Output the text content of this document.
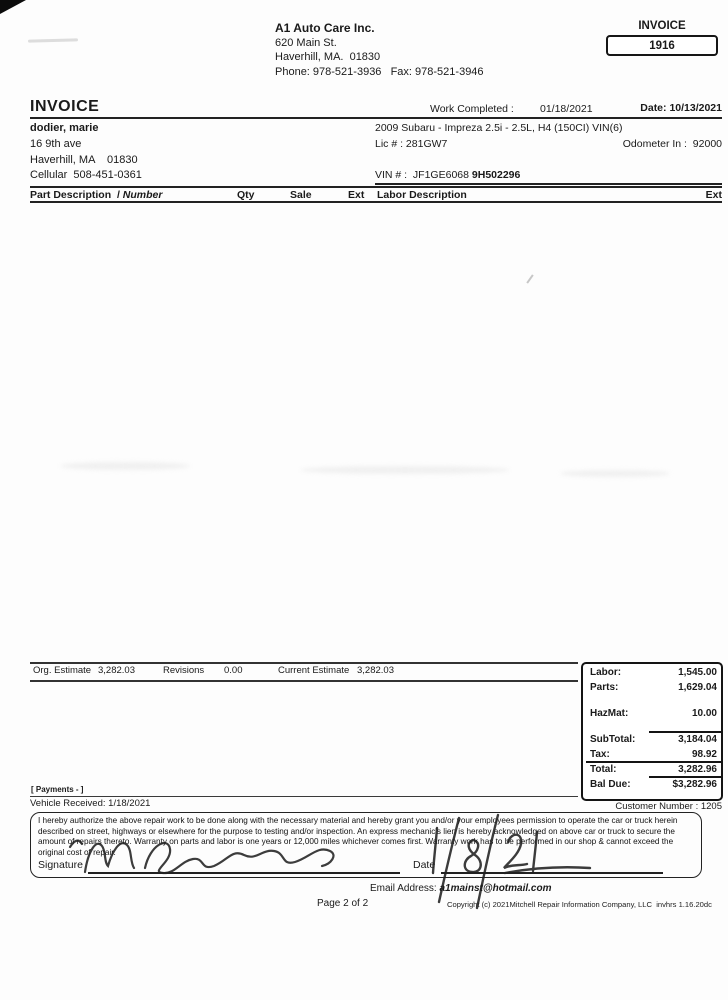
A1 Auto Care Inc.
620 Main St.
Haverhill, MA.  01830
Phone: 978-521-3936   Fax: 978-521-3946
INVOICE
1916
INVOICE	Work Completed : 01/18/2021	Date: 10/13/2021
dodier, marie
16 9th ave
Haverhill, MA    01830
Cellular  508-451-0361
2009 Subaru - Impreza 2.5i - 2.5L, H4 (150CI) VIN(6)
Lic # : 281GW7	Odometer In :  92000
VIN # :  JF1GE6068 9H502296
Part Description  / Number	Qty	Sale	Ext Labor Description	Ext
Org. Estimate 3,282.03	Revisions 0.00	Current Estimate 3,282.03	Labor:	1,545.00
Parts:	1,629.04
HazMat:	10.00
SubTotal:	3,184.04
Tax:	98.92
Total:	3,282.96
Bal Due:	$3,282.96
Customer Number : 1205
[ Payments - ]
Vehicle Received: 1/18/2021
I hereby authorize the above repair work to be done along with the necessary material and hereby grant you and/or your employees permission to operate the car or truck herein described on street, highways or elsewhere for the purpose to testing and/or inspection. An express mechanic's lien is hereby acknowledged on above car or truck to secure the amount of repairs thereto. Warranty on parts and labor is one years or 12,000 miles whichever comes first. Warranty work has to be performed in our shop & cannot exceed the original cost of repair.
Signature	Date
Email Address: a1mainst@hotmail.com
Page 2 of 2	Copyright (c) 2021Mitchell Repair Information Company, LLC  invhrs 1.16.20dc
